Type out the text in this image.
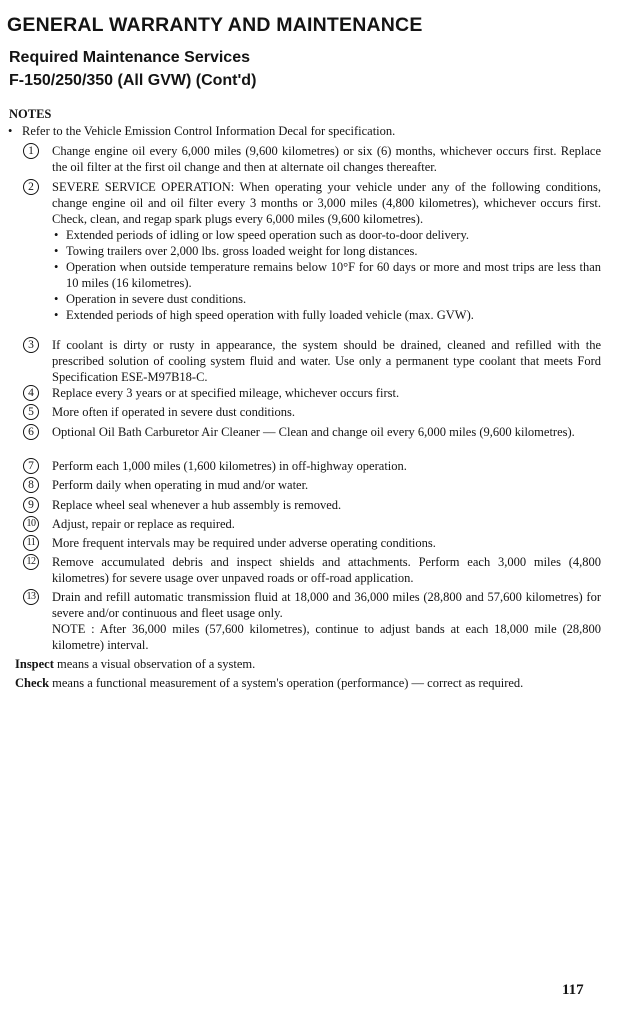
GENERAL WARRANTY AND MAINTENANCE
Required Maintenance Services
F-150/250/350 (All GVW) (Cont'd)
NOTES
• Refer to the Vehicle Emission Control Information Decal for specification.
1	Change engine oil every 6,000 miles (9,600 kilometres) or six (6) months, whichever occurs first. Replace the oil filter at the first oil change and then at alternate oil changes thereafter.

2	SEVERE SERVICE OPERATION: When operating your vehicle under any of the following conditions, change engine oil and oil filter every 3 months or 3,000 miles (4,800 kilometres), whichever occurs first. Check, clean, and regap spark plugs every 6,000 miles (9,600 kilometres).

• Extended periods of idling or low speed operation such as door-to-door delivery.

• Towing trailers over 2,000 lbs. gross loaded weight for long distances.

• Operation when outside temperature remains below 10°F for 60 days or more and most trips are less than 10 miles (16 kilometres).

• Operation in severe dust conditions.

• Extended periods of high speed operation with fully loaded vehicle (max. GVW).

3	If coolant is dirty or rusty in appearance, the system should be drained, cleaned and refilled with the prescribed solution of cooling system fluid and water. Use only a permanent type coolant that meets Ford Specification ESE-M97B18-C.

4	Replace every 3 years or at specified mileage, whichever occurs first.

5	More often if operated in severe dust conditions.

6	Optional Oil Bath Carburetor Air Cleaner — Clean and change oil every 6,000 miles (9,600 kilometres).

7	Perform each 1,000 miles (1,600 kilometres) in off-highway operation.

8	Perform daily when operating in mud and/or water.

9	Replace wheel seal whenever a hub assembly is removed.

10 Adjust, repair or replace as required.

11 More frequent intervals may be required under adverse operating conditions.

12 Remove accumulated debris and inspect shields and attachments. Perform each 3,000 miles (4,800 kilometres) for severe usage over unpaved roads or off-road application.

13 Drain and refill automatic transmission fluid at 18,000 and 36,000 miles (28,800 and 57,600 kilometres) for severe and/or continuous and fleet usage only.

NOTE : After 36,000 miles (57,600 kilometres), continue to adjust bands at each 18,000 mile (28,800 kilometre) interval.

Inspect means a visual observation of a system.
Check means a functional measurement of a system's operation (performance) — correct as required.
117
